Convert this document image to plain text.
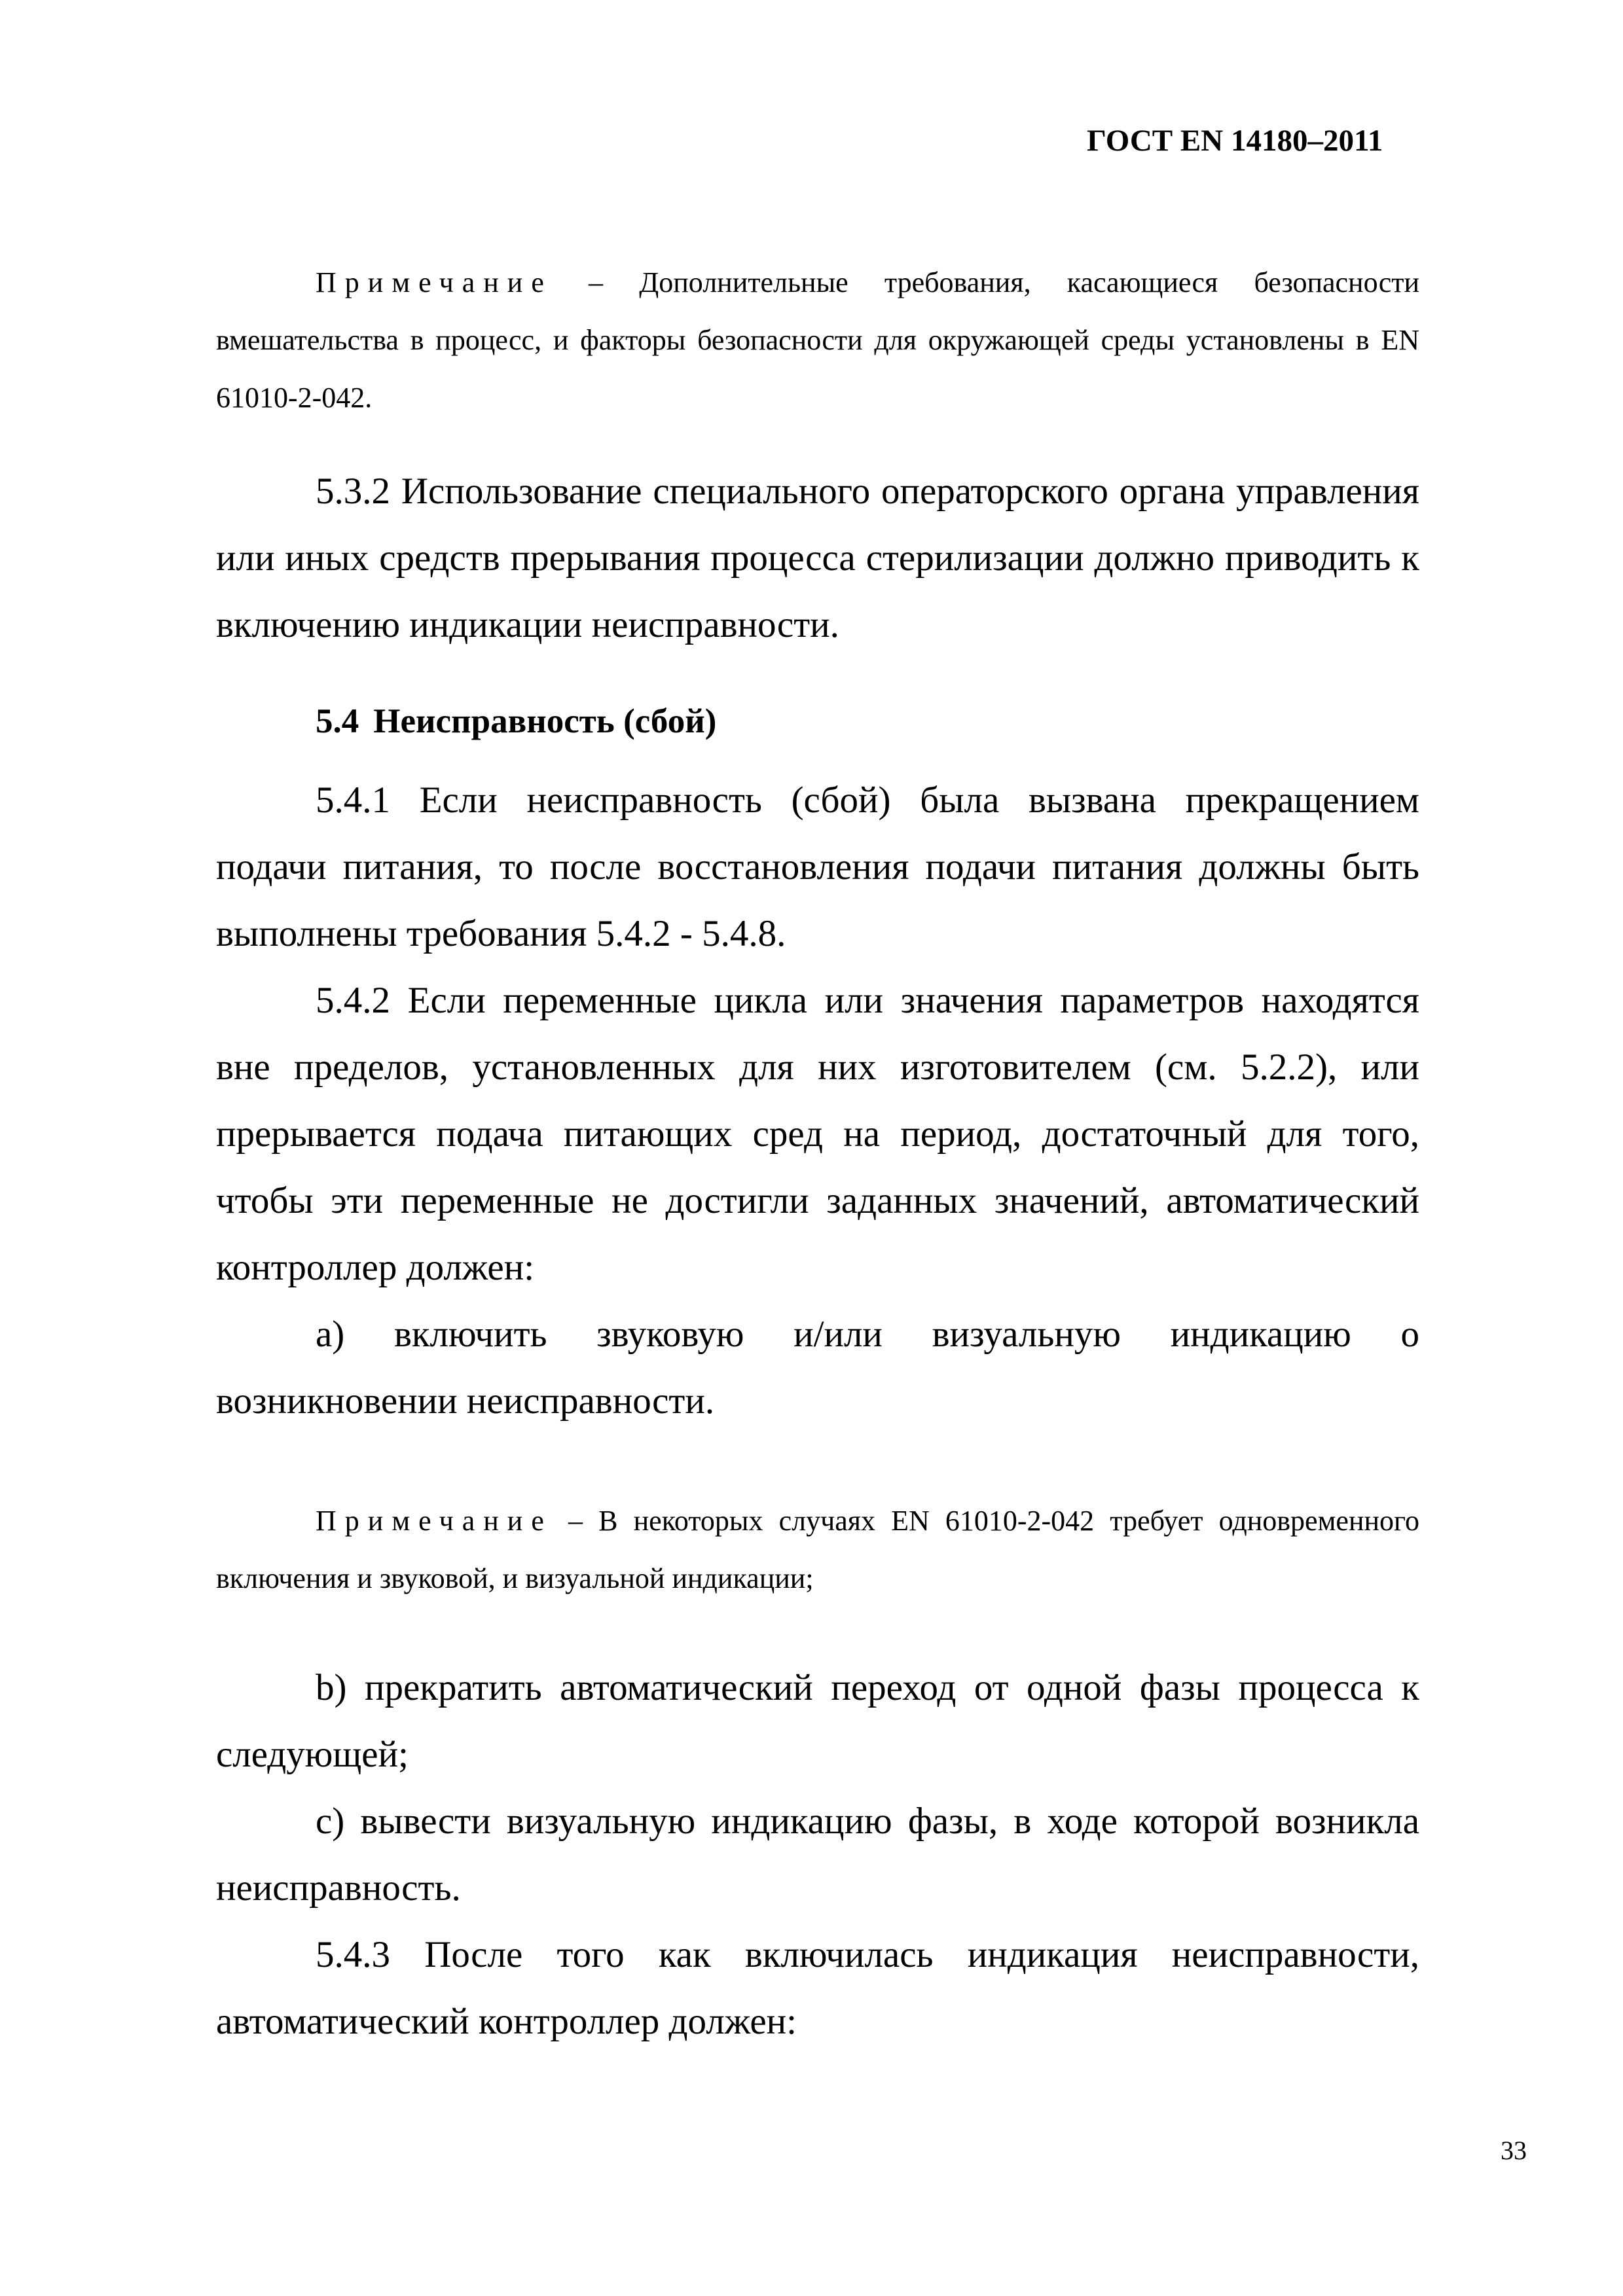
ГОСТ EN 14180–2011

Примечание – Дополнительные требования, касающиеся безопасности вмешательства в процесс, и факторы безопасности для окружающей среды установлены в EN 61010-2-042.

5.3.2 Использование специального операторского органа управления или иных средств прерывания процесса стерилизации должно приводить к включению индикации неисправности.

5.4 Неисправность (сбой)

5.4.1 Если неисправность (сбой) была вызвана прекращением подачи питания, то после восстановления подачи питания должны быть выполнены требования 5.4.2 - 5.4.8.

5.4.2 Если переменные цикла или значения параметров находятся вне пределов, установленных для них изготовителем (см. 5.2.2), или прерывается подача питающих сред на период, достаточный для того, чтобы эти переменные не достигли заданных значений, автоматический контроллер должен:

a) включить звуковую и/или визуальную индикацию о возникновении неисправности.

Примечание – В некоторых случаях EN 61010-2-042 требует одновременного включения и звуковой, и визуальной индикации;

b) прекратить автоматический переход от одной фазы процесса к следующей;

c) вывести визуальную индикацию фазы, в ходе которой возникла неисправность.

5.4.3 После того как включилась индикация неисправности, автоматический контроллер должен:

33
